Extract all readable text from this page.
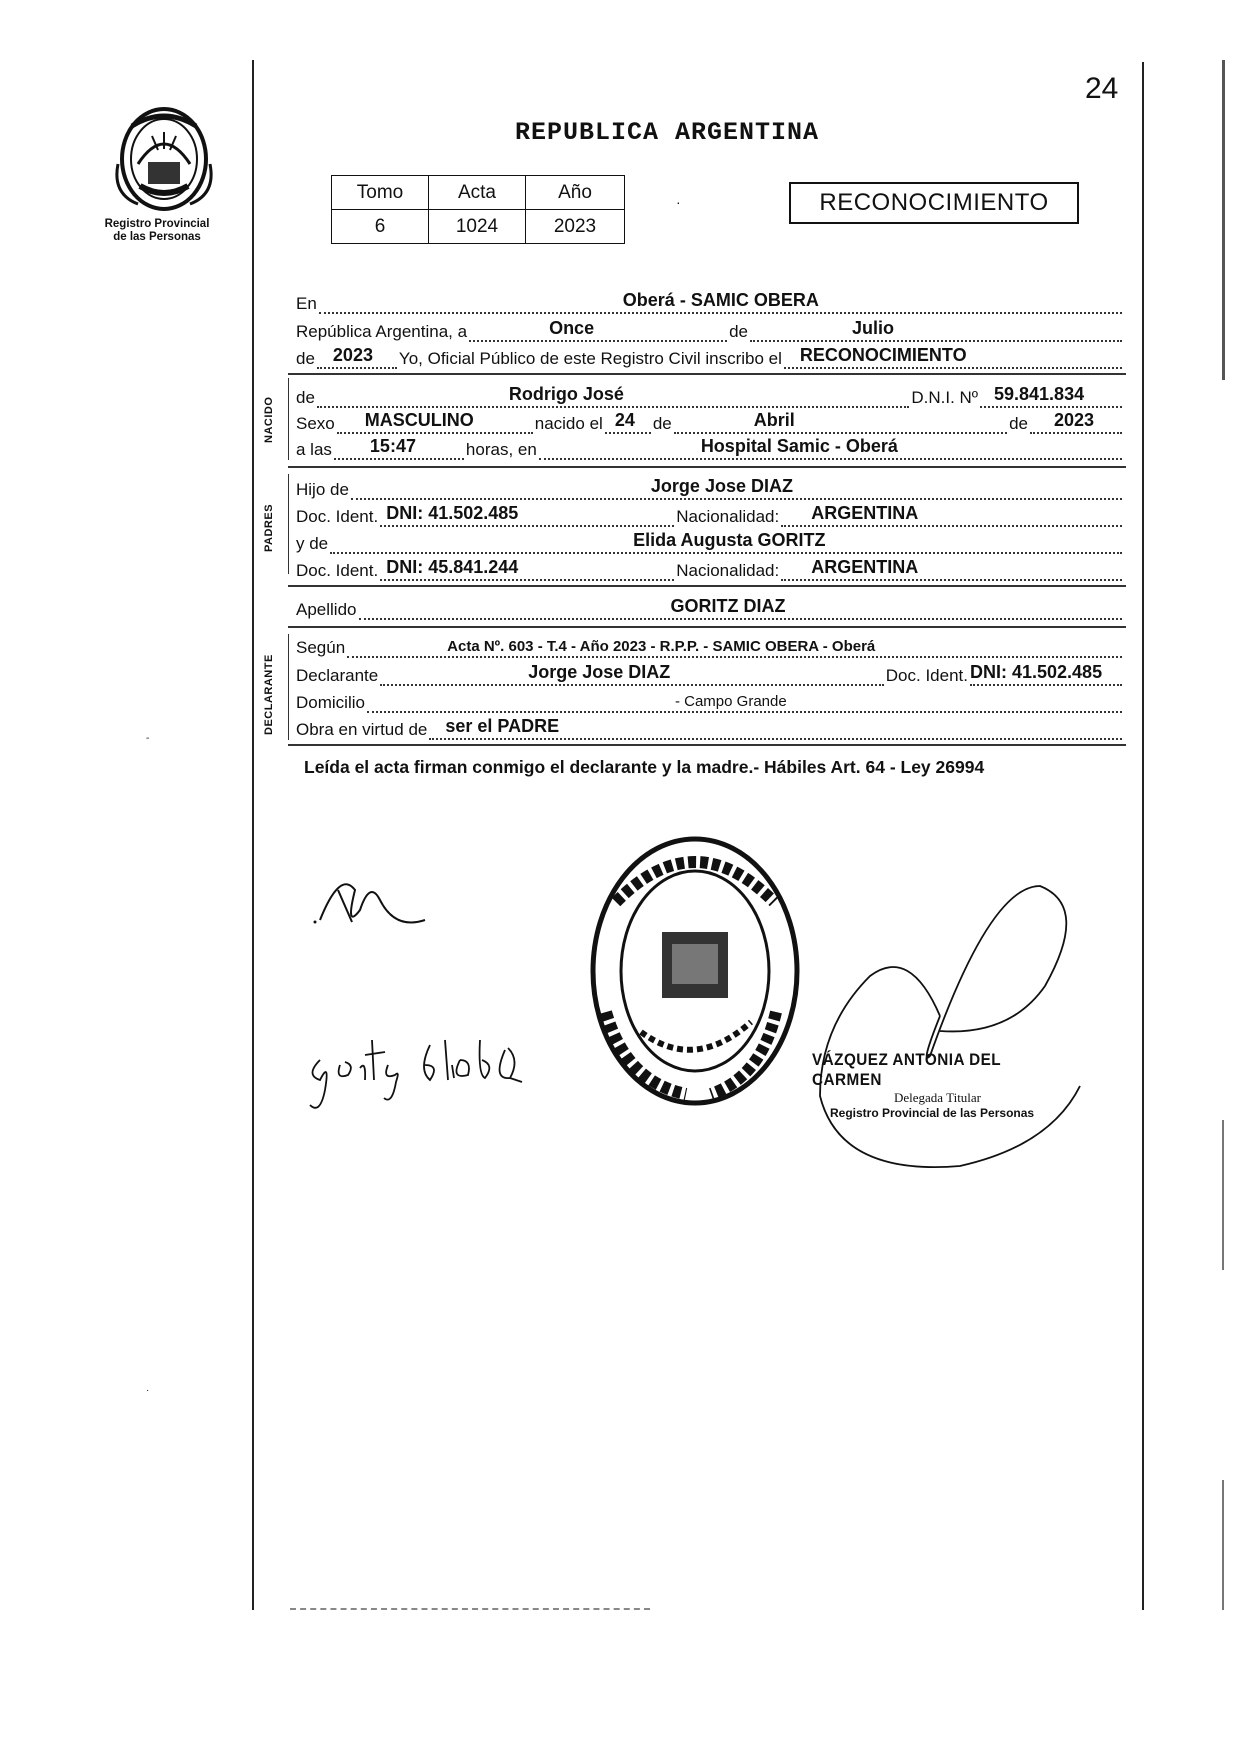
24
REPUBLICA ARGENTINA
Registro Provincial
de las Personas
Tomo	Acta	Año
6	1024	2023
·	RECONOCIMIENTO
En	Oberá - SAMIC OBERA
República Argentina, a	Once	de	Julio
de 2023 Yo, Oficial Público de este Registro Civil inscribo el RECONOCIMIENTO
NACIDO de	Rodrigo José	D.N.I. Nº 59.841.834
Sexo MASCULINO	nacido el 24 de	Abril	de 2023
a las 15:47	horas, en	Hospital Samic - Oberá
PADRES
Hijo de	Jorge Jose DIAZ
Doc. Ident. DNI: 41.502.485	Nacionalidad: ARGENTINA
y de	Elida Augusta GORITZ
Doc. Ident. DNI: 45.841.244	Nacionalidad: ARGENTINA
Apellido	GORITZ DIAZ
DECLARANTE
Según	Acta Nº. 603 - T.4 - Año 2023 - R.P.P. - SAMIC OBERA - Oberá
Declarante	Jorge Jose DIAZ	Doc. Ident. DNI: 41.502.485
Domicilio	- Campo Grande
Obra en virtud de ser el PADRE
Leída el acta firman conmigo el declarante y la madre.- Hábiles Art. 64 - Ley 26994
VÁZQUEZ ANTONIA DEL CARMEN
Delegada Titular
Registro Provincial de las Personas
-
·
